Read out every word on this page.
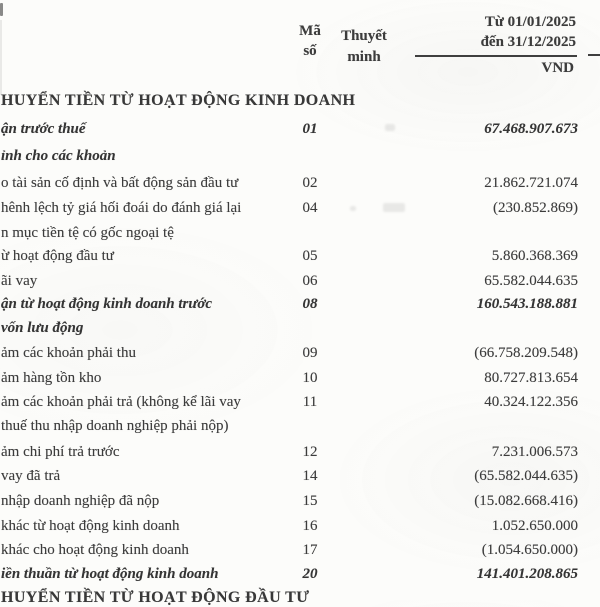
Mã
số
Thuyết
minh
Từ 01/01/2025
đến 31/12/2025
VND
HUYỂN TIỀN TỪ HOẠT ĐỘNG KINH DOANH
ận trước thuế	01	67.468.907.673
ỉnh cho các khoản
o tài sản cố định và bất động sản đầu tư	02	21.862.721.074
hênh lệch tỷ giá hối đoái do đánh giá lại	04	(230.852.869)
n mục tiền tệ có gốc ngoại tệ
ừ hoạt động đầu tư	05	5.860.368.369
ãi vay	06	65.582.044.635
ận từ hoạt động kinh doanh trước	08	160.543.188.881
vốn lưu động
ảm các khoản phải thu	09	(66.758.209.548)
ảm hàng tồn kho	10	80.727.813.654
ảm các khoản phải trả (không kể lãi vay	11	40.324.122.356
thuế thu nhập doanh nghiệp phải nộp)
ảm chi phí trả trước	12	7.231.006.573
vay đã trả	14	(65.582.044.635)
nhập doanh nghiệp đã nộp	15	(15.082.668.416)
khác từ hoạt động kinh doanh	16	1.052.650.000
khác cho hoạt động kinh doanh	17	(1.054.650.000)
iền thuần từ hoạt động kinh doanh	20	141.401.208.865
HUYỂN TIỀN TỪ HOẠT ĐỘNG ĐẦU TƯ
